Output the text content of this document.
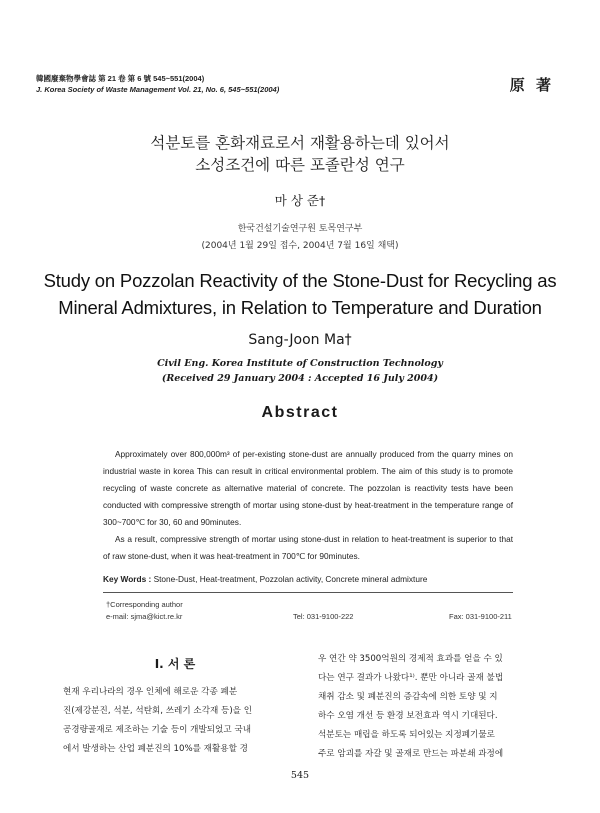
韓國廢棄物學會誌 第 21 卷 第 6 號 545~551(2004)
J. Korea Society of Waste Management Vol. 21, No. 6, 545~551(2004)	原 著
석분토를 혼화재료로서 재활용하는데 있어서
소성조건에 따른 포졸란성 연구
마 상 준†
한국건설기술연구원 토목연구부
(2004년 1월 29일 접수, 2004년 7월 16일 채택)
Study on Pozzolan Reactivity of the Stone-Dust for Recycling as
Mineral Admixtures, in Relation to Temperature and Duration
Sang-Joon Ma†
Civil Eng. Korea Institute of Construction Technology
(Received 29 January 2004 : Accepted 16 July 2004)
Abstract

Approximately over 800,000m³ of per-existing stone-dust are annually produced from the quarry mines on industrial waste in korea This can result in critical environmental problem. The aim of this study is to promote recycling of waste concrete as alternative material of concrete. The pozzolan is reactivity tests have been conducted with compressive strength of mortar using stone-dust by heat-treatment in the temperature range of 300~700℃ for 30, 60 and 90minutes.

As a result, compressive strength of mortar using stone-dust in relation to heat-treatment is superior to that of raw stone-dust, when it was heat-treatment in 700℃ for 90minutes.

Key Words : Stone-Dust, Heat-treatment, Pozzolan activity, Concrete mineral admixture
†Corresponding author
e-mail: sjma@kict.re.kr	Tel: 031-9100-222	Fax: 031-9100-211
Ⅰ. 서 론
현재 우리나라의 경우 인체에 해로운 각종 폐분
진(제강분진, 석분, 석탄회, 쓰레기 소각재 등)을 인
공경량골재로 제조하는 기술 등이 개발되었고 국내
에서 발생하는 산업 폐분진의 10%를 재활용할 경
우 연간 약 3500억원의 경제적 효과를 얻을 수 있
다는 연구 결과가 나왔다¹⁾. 뿐만 아니라 골재 불법
채취 감소 및 폐분진의 증감속에 의한 토양 및 지
하수 오염 개선 등 환경 보전효과 역시 기대된다.
석분토는 매립을 하도록 되어있는 지정폐기물로
주로 암괴를 자갈 및 골재로 만드는 파분쇄 과정에
545
